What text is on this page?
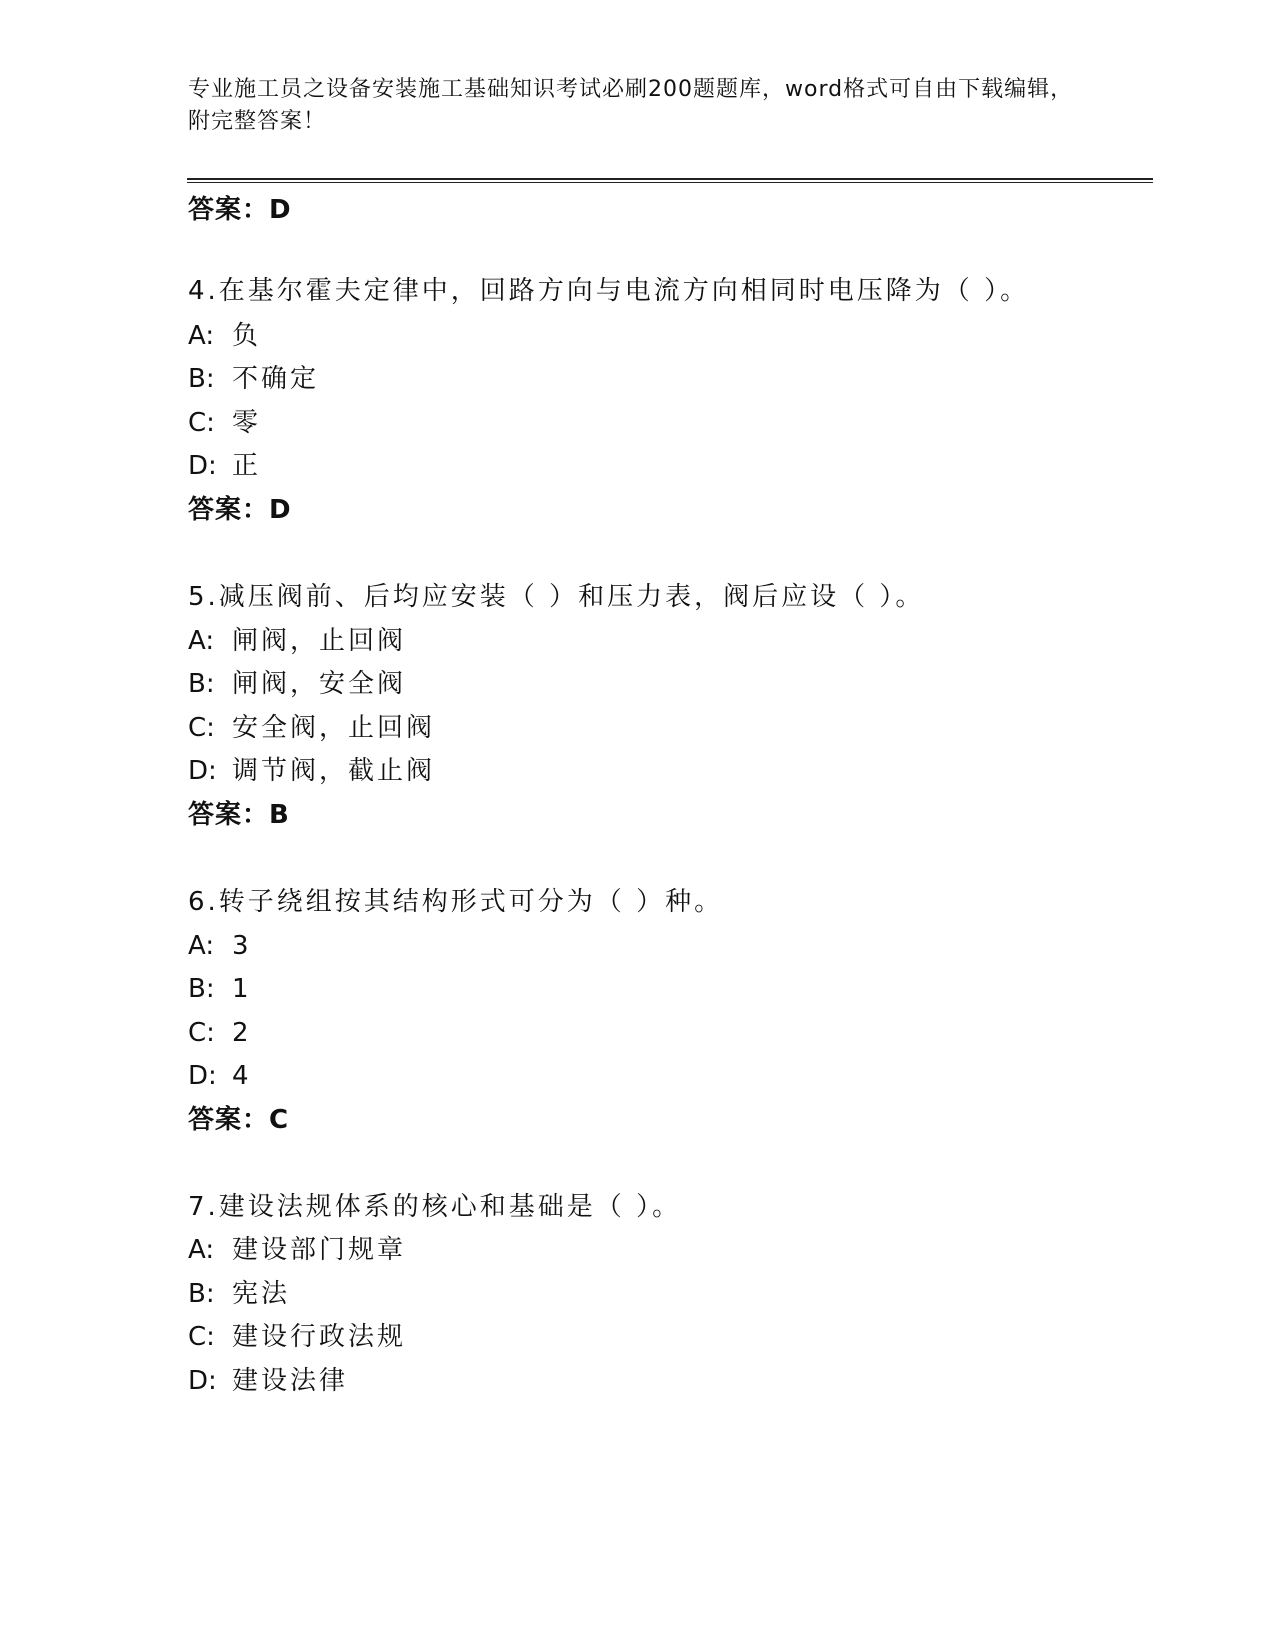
专业施工员之设备安装施工基础知识考试必刷200题题库，word格式可自由下载编辑，附完整答案！
答案：D
4.在基尔霍夫定律中，回路方向与电流方向相同时电压降为（ ）。
A: 负
B: 不确定
C: 零
D: 正
答案：D
5.减压阀前、后均应安装（ ）和压力表，阀后应设（ ）。
A: 闸阀，止回阀
B: 闸阀，安全阀
C: 安全阀，止回阀
D: 调节阀，截止阀
答案：B
6.转子绕组按其结构形式可分为（ ）种。
A: 3
B: 1
C: 2
D: 4
答案：C
7.建设法规体系的核心和基础是（ ）。
A: 建设部门规章
B: 宪法
C: 建设行政法规
D: 建设法律
